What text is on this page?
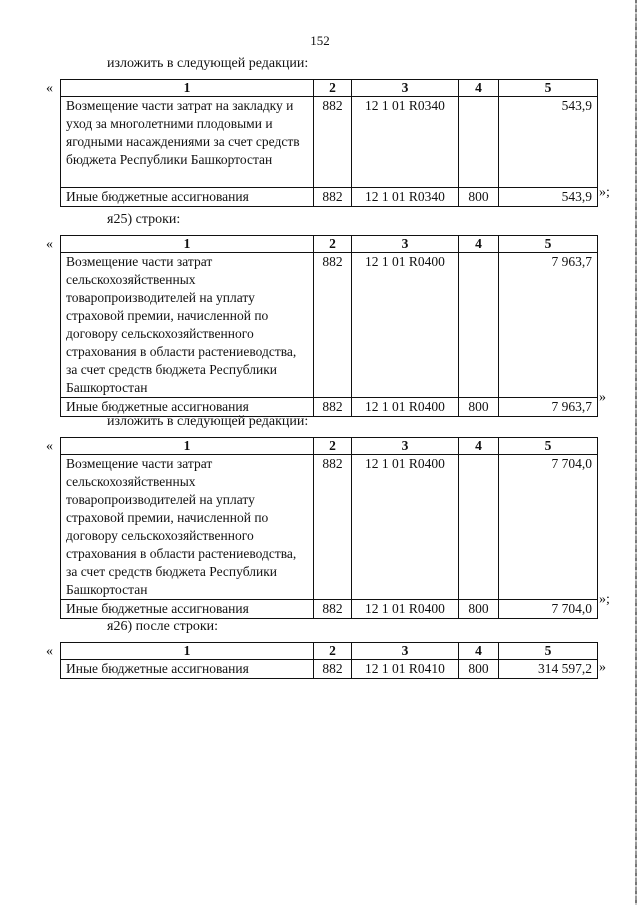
152
изложить в следующей редакции:
«	1	2	3	4	5
Возмещение части затрат на закладку и уход за многолетними плодовыми и ягодными насаждениями за счет средств бюджета Республики Башкортостан	882	12 1 01 R0340		543,9
Иные бюджетные ассигнования	882	12 1 01 R0340	800	543,9 »;
я25) строки:
«	1	2	3	4	5
Возмещение части затрат сельскохозяйственных товаропроизводителей на уплату страховой премии, начисленной по договору сельскохозяйственного страхования в области растениеводства, за счет средств бюджета Республики Башкортостан	882	12 1 01 R0400		7 963,7
Иные бюджетные ассигнования	882	12 1 01 R0400	800	7 963,7
»
изложить в следующей редакции:
«	1	2	3	4	5
Возмещение части затрат сельскохозяйственных товаропроизводителей на уплату страховой премии, начисленной по договору сельскохозяйственного страхования в области растениеводства, за счет средств бюджета Республики Башкортостан	882	12 1 01 R0400		7 704,0
Иные бюджетные ассигнования	882	12 1 01 R0400	800	7 704,0
»;
я26) после строки:
«	1	2	3	4	5
Иные бюджетные ассигнования	882	12 1 01 R0410	800	314 597,2 »
